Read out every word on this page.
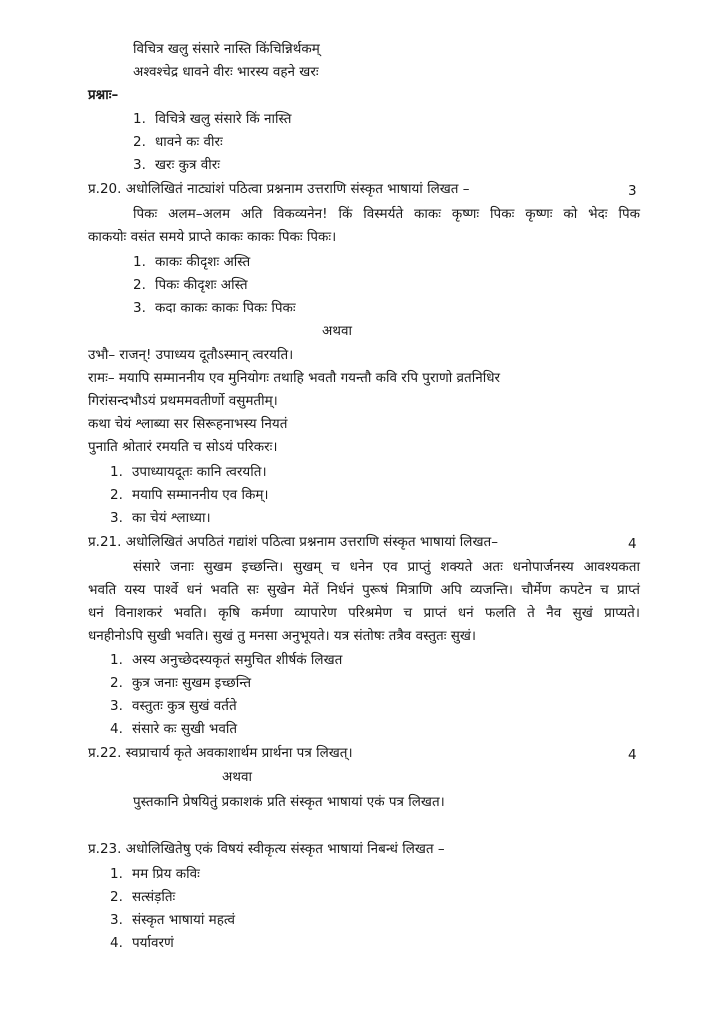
विचित्र खलु संसारे नास्ति किंचिन्निर्थकम्
अश्वश्चेद्र धावने वीरः भारस्य वहने खरः
प्रश्नाः–
1. विचित्रे खलु संसारे किं नास्ति
2. धावने कः वीरः
3. खरः कुत्र वीरः
प्र.20. अधोलिखितं नाट्यांशं पठित्वा प्रश्ननाम उत्तराणि संस्कृत भाषायां लिखत –	3
पिकः अलम–अलम अति विकव्यनेन! किं विस्मर्यते काकः कृष्णः पिकः कृष्णः को भेदः पिक
काकयोः वसंत समये प्राप्ते काकः काकः पिकः पिकः।
1. काकः कीदृशः अस्ति
2. पिकः कीदृशः अस्ति
3. कदा काकः काकः पिकः पिकः
अथवा
उभौ– राजन्! उपाध्यय दूतौऽस्मान् त्वरयति।
रामः– मयापि सम्माननीय एव मुनियोगः तथाहि भवतौ गयन्तौ कवि रपि पुराणो व्रतनिधिर
गिरांसन्दभौऽयं प्रथममवतीर्णो वसुमतीम्।
कथा चेयं श्लाब्या सर सिरूहनाभस्य नियतं
पुनाति श्रोतारं रमयति च सोऽयं परिकरः।
1. उपाध्यायदूतः कानि त्वरयति।
2. मयापि सम्माननीय एव किम्।
3. का चेयं श्लाध्या।
प्र.21. अधोलिखितं अपठितं गद्यांशं पठित्वा प्रश्ननाम उत्तराणि संस्कृत भाषायां लिखत–	4
संसारे जनाः सुखम इच्छन्ति। सुखम् च धनेन एव प्राप्तुं शक्यते अतः धनोपार्जनस्य आवश्यकता
भवति यस्य पार्श्वे धनं भवति सः सुखेन मेतें निर्धनं पुरूषं मित्राणि अपि व्यजन्ति। चौर्मेण कपटेन च प्राप्तं
धनं विनाशकरं भवति। कृषि कर्मणा व्यापारेण परिश्रमेण च प्राप्तं धनं फलति ते नैव सुखं प्राप्यते।
धनहीनोऽपि सुखी भवति। सुखं तु मनसा अनुभूयते। यत्र संतोषः तत्रैव वस्तुतः सुखं।
1. अस्य अनुच्छेदस्यकृतं समुचित शीर्षकं लिखत
2. कुत्र जनाः सुखम इच्छन्ति
3. वस्तुतः कुत्र सुखं वर्तते
4. संसारे कः सुखी भवति
प्र.22. स्वप्राचार्य कृते अवकाशार्थम प्रार्थना पत्र लिखत्।	4
अथवा
पुस्तकानि प्रेषयितुं प्रकाशकं प्रति संस्कृत भाषायां एकं पत्र लिखत।
प्र.23. अधोलिखितेषु एकं विषयं स्वीकृत्य संस्कृत भाषायां निबन्धं लिखत –
1. मम प्रिय कविः
2. सत्संड़तिः
3. संस्कृत भाषायां महत्वं
4. पर्यावरणं
